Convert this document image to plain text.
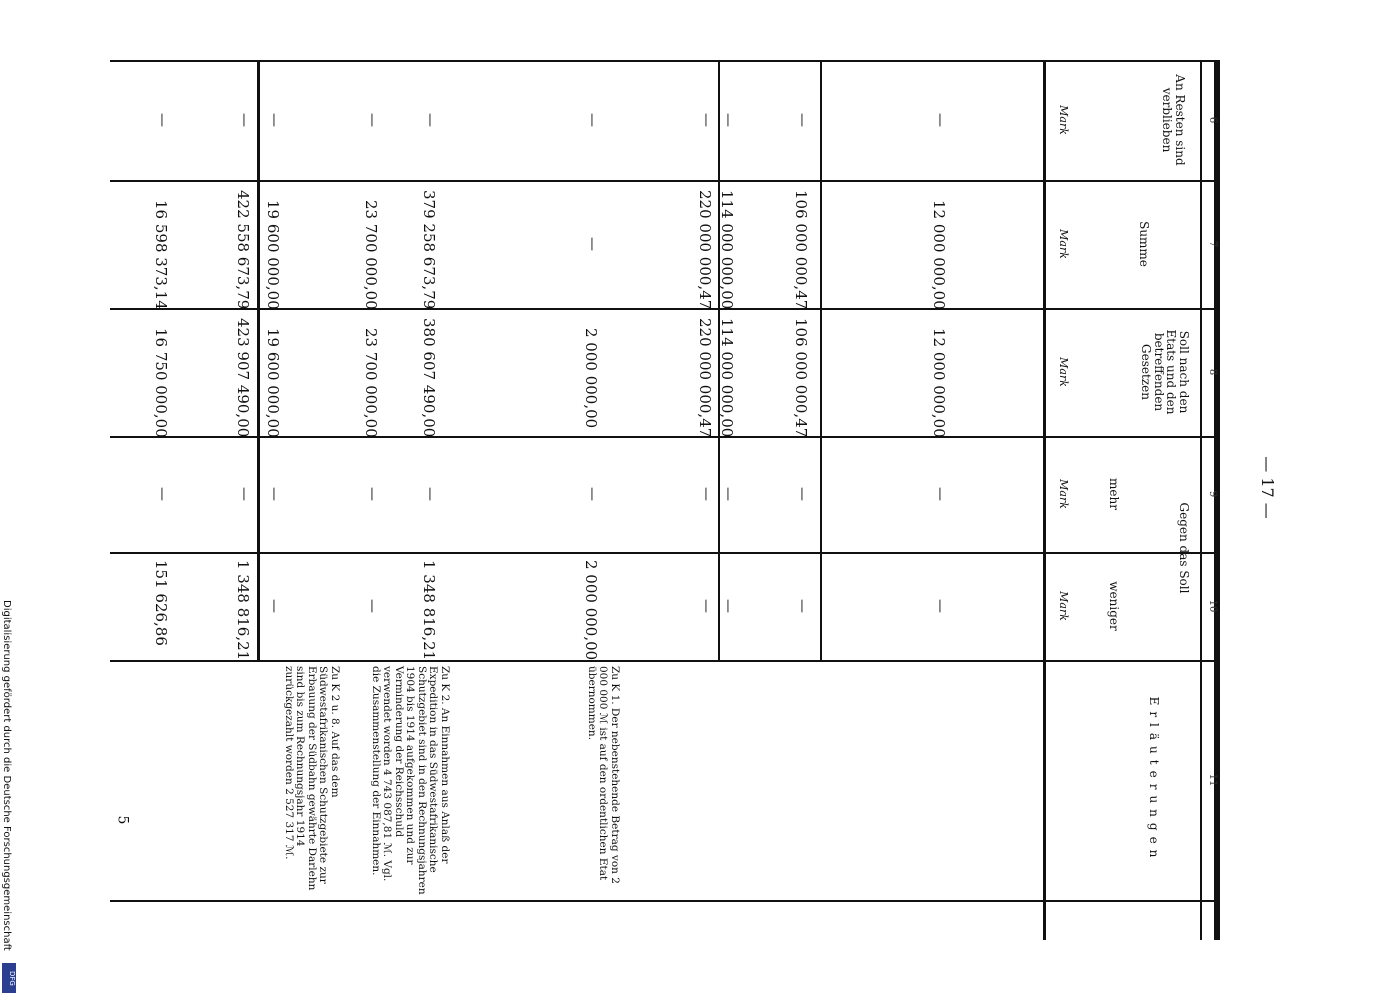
— 17 —
6
7
8
9
10
11
An Resten sind verblieben
Summe
Soll nach den Etats und den betreffenden Gesetzen
Gegen das Soll
mehr
weniger
Erläuterungen
Mark
Mark
Mark
Mark
Mark
—
12 000 000,00
12 000 000,00
—
—
—
106 000 000,47
106 000 000,47
—
—
—
114 000 000,00
114 000 000,00
—
—
—
220 000 000,47
220 000 000,47
—
—
—
—
2 000 000,00
—
2 000 000,00
—
379 258 673,79
380 607 490,00
—
1 348 816,21
—
23 700 000,00
23 700 000,00
—
—
—
19 600 000,00
19 600 000,00
—
—
—
422 558 673,79
423 907 490,00
—
1 348 816,21
—
16 598 373,14
16 750 000,00
—
151 626,86
Zu K 1. Der nebenstehende Betrag von 2 000 000 ℳ ist auf den ordentlichen Etat übernommen.
Zu K 2. An Einnahmen aus Anlaß der Expedition in das Südwestafrikanische Schutzgebiet sind in den Rechnungsjahren 1904 bis 1914 aufgekommen und zur Verminderung der Reichsschuld verwendet worden 4 743 087,81 ℳ. Vgl. die Zusammenstellung der Einnahmen.
Zu K 2 u. 8. Auf das dem Südwestafrikanischen Schutzgebiete zur Erbauung der Südbahn gewährte Darlehn sind bis zum Rechnungsjahr 1914 zurückgezahlt worden 2 527 317 ℳ.
5
Digitalisierung gefördert durch die Deutsche Forschungsgemeinschaft
DFG
